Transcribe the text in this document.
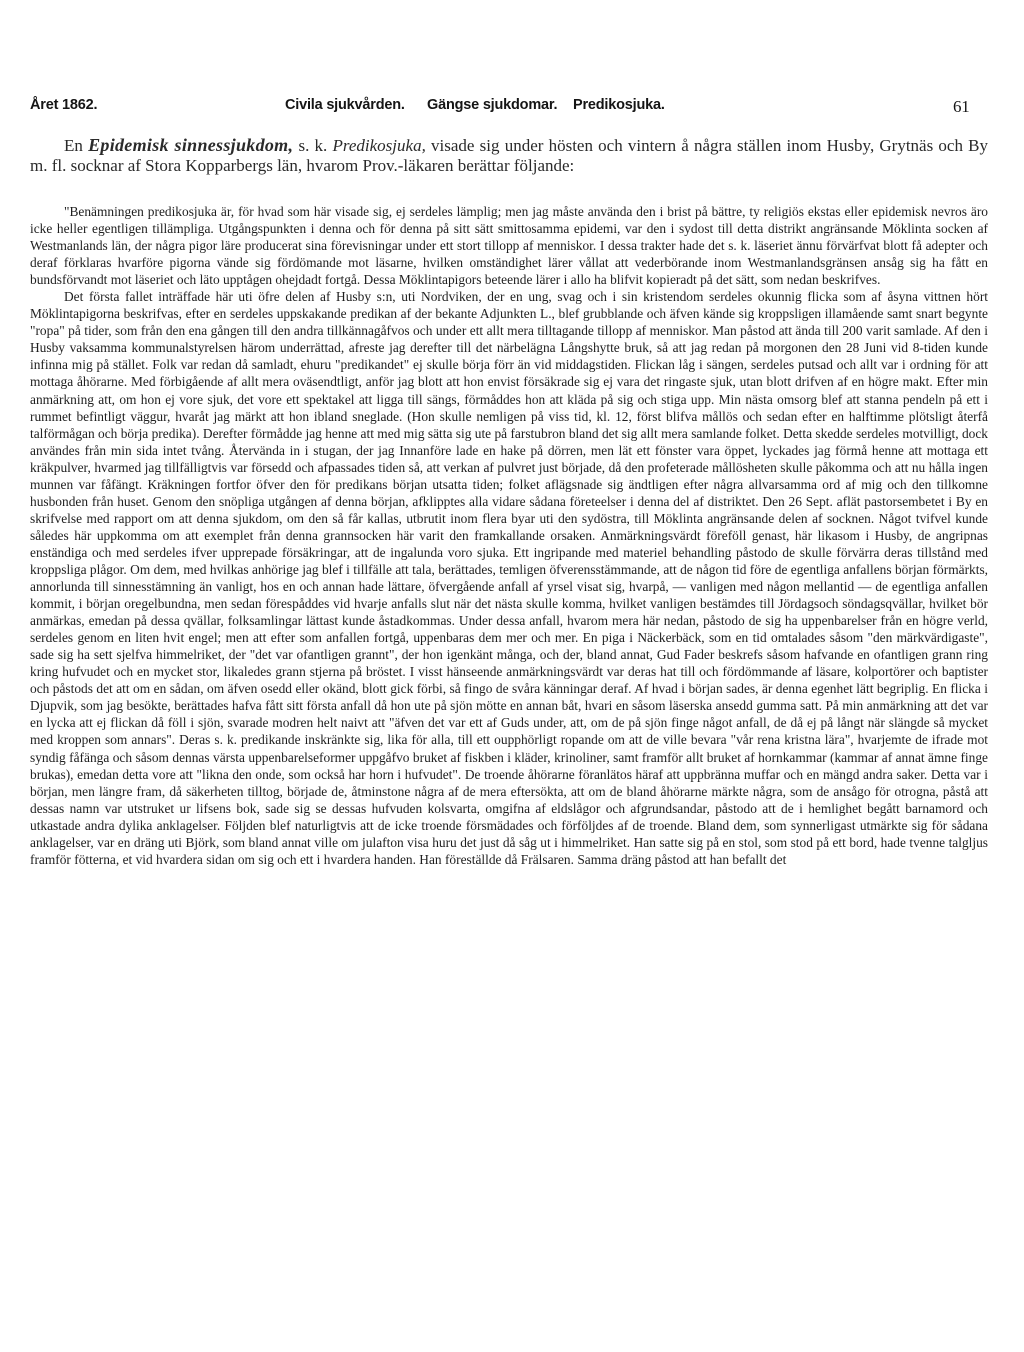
Året 1862.	Civila sjukvården. Gängse sjukdomar. Predikosjuka.	61
En Epidemisk sinnessjukdom, s. k. Predikosjuka, visade sig under hösten och vintern å några ställen inom Husby, Grytnäs och By m. fl. socknar af Stora Kopparbergs län, hvarom Prov.-läkaren berättar följande:

"Benämningen predikosjuka är, för hvad som här visade sig, ej serdeles lämplig; men jag måste använda den i brist på bättre, ty religiös ekstas eller epidemisk nevros äro icke heller egentligen tillämpliga. Utgångspunkten i denna och för denna på sitt sätt smittosamma epidemi, var den i sydost till detta distrikt angränsande Möklinta socken af Westmanlands län, der några pigor läre producerat sina förevisningar under ett stort tillopp af menniskor. I dessa trakter hade det s. k. läseriet ännu förvärfvat blott få adepter och deraf förklaras hvarföre pigorna vände sig fördömande mot läsarne, hvilken omständighet lärer vållat att vederbörande inom Westmanlandsgränsen ansåg sig ha fått en bundsförvandt mot läseriet och läto upptågen ohejdadt fortgå. Dessa Möklintapigors beteende lärer i allo ha blifvit kopieradt på det sätt, som nedan beskrifves.

Det första fallet inträffade här uti öfre delen af Husby s:n, uti Nordviken, der en ung, svag och i sin kristendom serdeles okunnig flicka som af åsyna vittnen hört Möklintapigorna beskrifvas, efter en serdeles uppskakande predikan af der bekante Adjunkten L., blef grubblande och äfven kände sig kroppsligen illamående samt snart begynte "ropa" på tider, som från den ena gången till den andra tillkännagåfvos och under ett allt mera tilltagande tillopp af menniskor. Man påstod att ända till 200 varit samlade. Af den i Husby vaksamma kommunalstyrelsen härom underrättad, afreste jag derefter till det närbelägna Långshytte bruk, så att jag redan på morgonen den 28 Juni vid 8-tiden kunde infinna mig på stället. Folk var redan då samladt, ehuru "predikandet" ej skulle börja förr än vid middagstiden. Flickan låg i sängen, serdeles putsad och allt var i ordning för att mottaga åhörarne. Med förbigående af allt mera oväsendtligt, anför jag blott att hon envist försäkrade sig ej vara det ringaste sjuk, utan blott drifven af en högre makt. Efter min anmärkning att, om hon ej vore sjuk, det vore ett spektakel att ligga till sängs, förmåddes hon att kläda på sig och stiga upp. Min nästa omsorg blef att stanna pendeln på ett i rummet befintligt väggur, hvaråt jag märkt att hon ibland sneglade. (Hon skulle nemligen på viss tid, kl. 12, först blifva mållös och sedan efter en halftimme plötsligt återfå talförmågan och börja predika). Derefter förmådde jag henne att med mig sätta sig ute på farstubron bland det sig allt mera samlande folket. Detta skedde serdeles motvilligt, dock användes från min sida intet tvång. Återvända in i stugan, der jag Innanföre lade en hake på dörren, men lät ett fönster vara öppet, lyckades jag förmå henne att mottaga ett kräkpulver, hvarmed jag tillfälligtvis var försedd och afpassades tiden så, att verkan af pulvret just började, då den profeterade mållösheten skulle påkomma och att nu hålla ingen munnen var fåfängt. Kräkningen fortfor öfver den för predikans början utsatta tiden; folket aflägsnade sig ändtligen efter några allvarsamma ord af mig och den tillkomne husbonden från huset. Genom den snöpliga utgången af denna början, afklipptes alla vidare sådana företeelser i denna del af distriktet. Den 26 Sept. aflät pastorsembetet i By en skrifvelse med rapport om att denna sjukdom, om den så får kallas, utbrutit inom flera byar uti den sydöstra, till Möklinta angränsande delen af socknen. Något tvifvel kunde således här uppkomma om att exemplet från denna grannsocken här varit den framkallande orsaken. Anmärkningsvärdt föreföll genast, här likasom i Husby, de angripnas enständiga och med serdeles ifver upprepade försäkringar, att de ingalunda voro sjuka. Ett ingripande med materiel behandling påstodo de skulle förvärra deras tillstånd med kroppsliga plågor. Om dem, med hvilkas anhörige jag blef i tillfälle att tala, berättades, temligen öfverensstämmande, att de någon tid före de egentliga anfallens början förmärkts, annorlunda till sinnesstämning än vanligt, hos en och annan hade lättare, öfvergående anfall af yrsel visat sig, hvarpå, — vanligen med någon mellantid — de egentliga anfallen kommit, i början oregelbundna, men sedan förespåddes vid hvarje anfalls slut när det nästa skulle komma, hvilket vanligen bestämdes till Jördagsoch söndagsqvällar, hvilket bör anmärkas, emedan på dessa qvällar, folksamlingar lättast kunde åstadkommas. Under dessa anfall, hvarom mera här nedan, påstodo de sig ha uppenbarelser från en högre verld, serdeles genom en liten hvit engel; men att efter som anfallen fortgå, uppenbaras dem mer och mer. En piga i Näckerbäck, som en tid omtalades såsom "den märkvärdigaste", sade sig ha sett sjelfva himmelriket, der "det var ofantligen grannt", der hon igenkänt många, och der, bland annat, Gud Fader beskrefs såsom hafvande en ofantligen grann ring kring hufvudet och en mycket stor, likaledes grann stjerna på bröstet. I visst hänseende anmärkningsvärdt var deras hat till och fördömmande af läsare, kolportörer och baptister och påstods det att om en sådan, om äfven osedd eller okänd, blott gick förbi, så fingo de svåra känningar deraf. Af hvad i början sades, är denna egenhet lätt begriplig. En flicka i Djupvik, som jag besökte, berättades hafva fått sitt första anfall då hon ute på sjön mötte en annan båt, hvari en såsom läserska ansedd gumma satt. På min anmärkning att det var en lycka att ej flickan då föll i sjön, svarade modren helt naivt att "äfven det var ett af Guds under, att, om de på sjön finge något anfall, de då ej på långt när slängde så mycket med kroppen som annars". Deras s. k. predikande inskränkte sig, lika för alla, till ett oupphörligt ropande om att de ville bevara "vår rena kristna lära", hvarjemte de ifrade mot syndig fåfänga och såsom dennas värsta uppenbarelseformer uppgåfvo bruket af fiskben i kläder, krinoliner, samt framför allt bruket af hornkammar (kammar af annat ämne finge brukas), emedan detta vore att "likna den onde, som också har horn i hufvudet". De troende åhörarne föranlätos häraf att uppbränna muffar och en mängd andra saker. Detta var i början, men längre fram, då säkerheten tilltog, började de, åtminstone några af de mera eftersökta, att om de bland åhörarne märkte några, som de ansågo för otrogna, påstå att dessas namn var utstruket ur lifsens bok, sade sig se dessas hufvuden kolsvarta, omgifna af eldslågor och afgrundsandar, påstodo att de i hemlighet begått barnamord och utkastade andra dylika anklagelser. Följden blef naturligtvis att de icke troende försmädades och förföljdes af de troende. Bland dem, som synnerligast utmärkte sig för sådana anklagelser, var en dräng uti Björk, som bland annat ville om julafton visa huru det just då såg ut i himmelriket. Han satte sig på en stol, som stod på ett bord, hade tvenne talgljus framför fötterna, et vid hvardera sidan om sig och ett i hvardera handen. Han föreställde då Frälsaren. Samma dräng påstod att han befallt det
